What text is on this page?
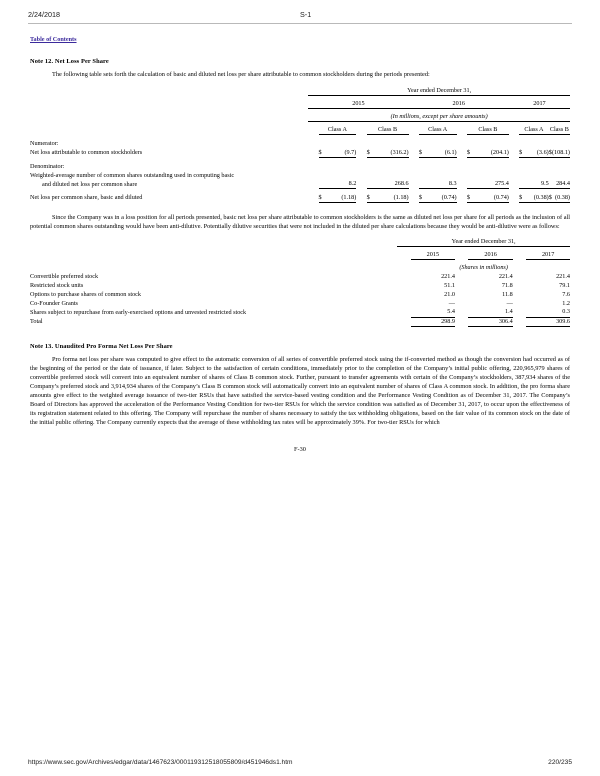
2/24/2018	S-1
Table of Contents
Note 12. Net Loss Per Share

The following table sets forth the calculation of basic and diluted net loss per share attributable to common stockholders during the periods presented:

	Year ended December 31,																

	2015						2016						2017				

	(In millions, except per share amounts)																

		Class A			Class B			Class A			Class B			Class A		Class B	

Numerator:																	
Net loss attributable to common stockholders		$	(9.7)		$	(316.2)		$	(6.1)		$	(204.1)		$	(3.6)		$	(108.1)

Denominator:																	
Weighted-average number of common shares outstanding used in computing basic																	
and diluted net loss per common share			8.2			268.6			8.3			275.4			9.5			284.4

Net loss per common share, basic and diluted		$	(1.18)		$	(1.18)		$	(0.74)		$	(0.74)		$	(0.38)		$	(0.38)

Since the Company was in a loss position for all periods presented, basic net loss per share attributable to common stockholders is the same as diluted net loss per share for all periods as the inclusion of all potential common shares outstanding would have been anti-dilutive. Potentially dilutive securities that were not included in the diluted per share calculations because they would be anti-dilutive were as follows:

	Year ended December 31,					

		2015		2016		2017

	(Shares in millions)					
Convertible preferred stock		221.4		221.4		221.4
Restricted stock units		51.1		71.8		79.1
Options to purchase shares of common stock		21.0		11.8		7.6
Co-Founder Grants		—		—		1.2
Shares subject to repurchase from early-exercised options and unvested restricted stock		5.4		1.4		0.3
Total		298.9		306.4		309.6
Note 13. Unaudited Pro Forma Net Loss Per Share

Pro forma net loss per share was computed to give effect to the automatic conversion of all series of convertible preferred stock using the if-converted method as though the conversion had occurred as of the beginning of the period or the date of issuance, if later. Subject to the satisfaction of certain conditions, immediately prior to the completion of the Company’s initial public offering, 220,965,979 shares of convertible preferred stock will convert into an equivalent number of shares of Class B common stock. Further, pursuant to transfer agreements with certain of the Company’s stockholders, 387,934 shares of the Company’s preferred stock and 3,914,934 shares of the Company’s Class B common stock will automatically convert into an equivalent number of shares of Class A common stock. In addition, the pro forma share amounts give effect to the weighted average issuance of two-tier RSUs that have satisfied the service-based vesting condition and the Performance Vesting Condition as of December 31, 2017. The Company’s Board of Directors has approved the acceleration of the Performance Vesting Condition for two-tier RSUs for which the service condition was satisfied as of December 31, 2017, to occur upon the effectiveness of its registration statement related to this offering. The Company will repurchase the number of shares necessary to satisfy the tax withholding obligations, based on the fair value of its common stock on the date of the initial public offering. The Company currently expects that the average of these withholding tax rates will be approximately 39%. For two-tier RSUs for which

F-30
https://www.sec.gov/Archives/edgar/data/1467623/000119312518055809/d451946ds1.htm	220/235
